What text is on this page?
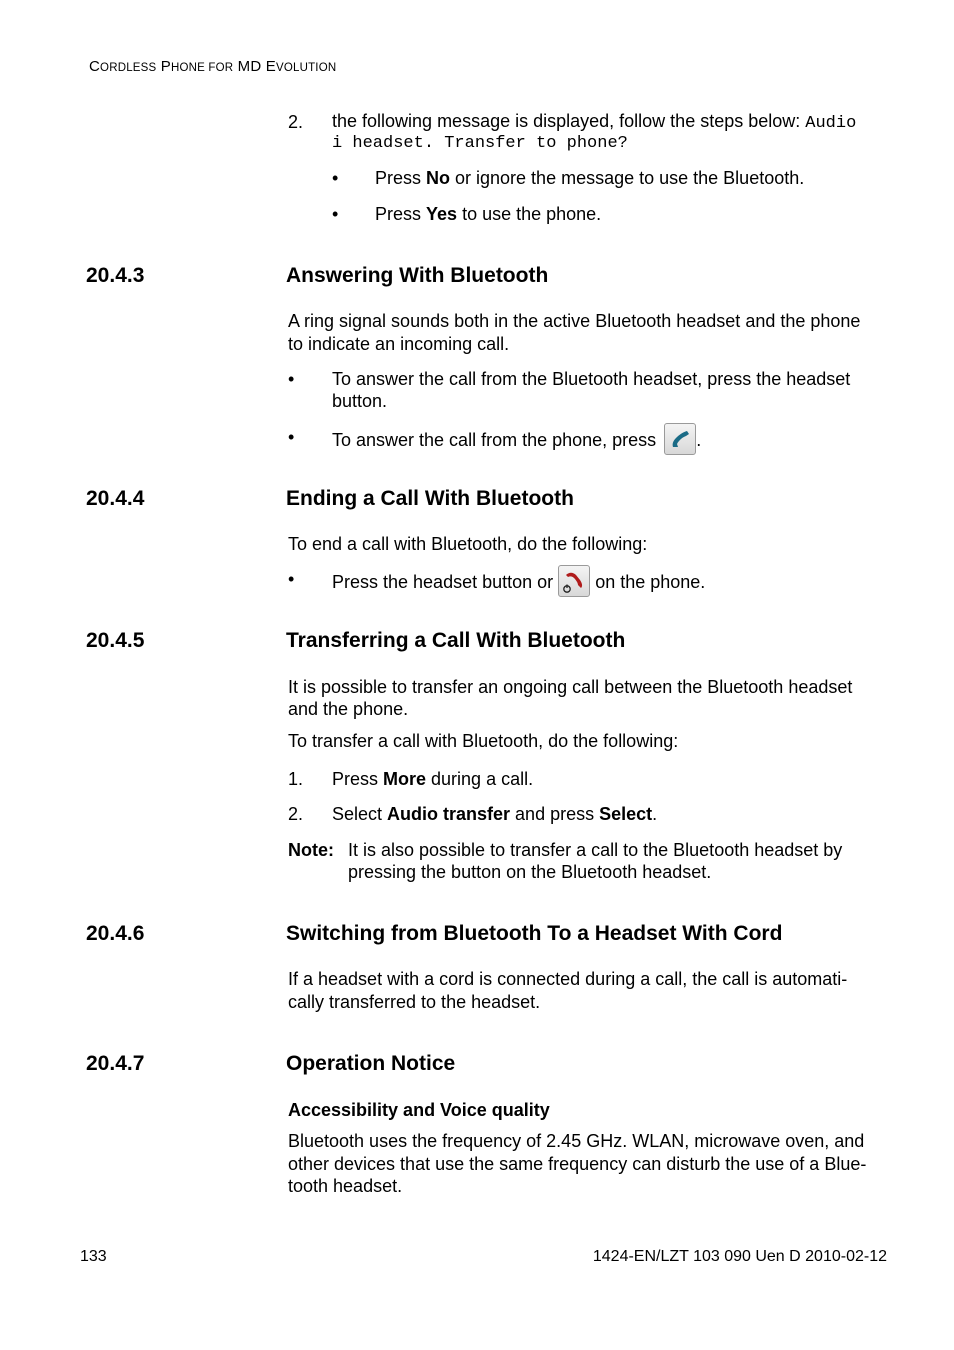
CORDLESS PHONE FOR MD EVOLUTION
2. the following message is displayed, follow the steps below: Audio
i headset. Transfer to phone?
• Press No or ignore the message to use the Bluetooth.
• Press Yes to use the phone.
20.4.3	Answering With Bluetooth
A ring signal sounds both in the active Bluetooth headset and the phone
to indicate an incoming call.
• To answer the call from the Bluetooth headset, press the headset
button.
• To answer the call from the phone, press .
20.4.4	Ending a Call With Bluetooth
To end a call with Bluetooth, do the following:
• Press the headset button or on the phone.
20.4.5	Transferring a Call With Bluetooth
It is possible to transfer an ongoing call between the Bluetooth headset
and the phone.
To transfer a call with Bluetooth, do the following:
1. Press More during a call.
2. Select Audio transfer and press Select.
Note: It is also possible to transfer a call to the Bluetooth headset by
pressing the button on the Bluetooth headset.
20.4.6	Switching from Bluetooth To a Headset With Cord
If a headset with a cord is connected during a call, the call is automati-
cally transferred to the headset.
20.4.7	Operation Notice
Accessibility and Voice quality
Bluetooth uses the frequency of 2.45 GHz. WLAN, microwave oven, and
other devices that use the same frequency can disturb the use of a Blue-
tooth headset.
133	1424-EN/LZT 103 090 Uen D 2010-02-12
